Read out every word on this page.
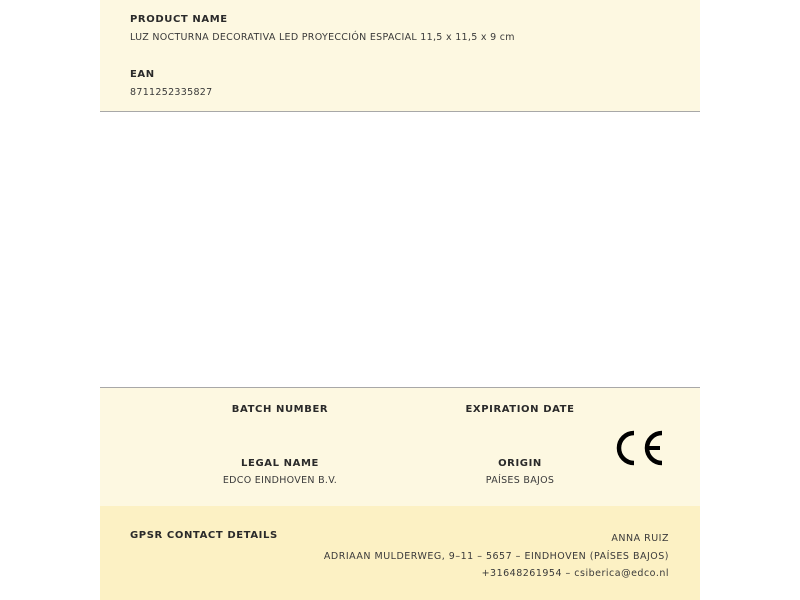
PRODUCT NAME
LUZ NOCTURNA DECORATIVA LED PROYECCIÓN ESPACIAL 11,5 x 11,5 x 9 cm
EAN
8711252335827
BATCH NUMBER	EXPIRATION DATE
LEGAL NAME
EDCO EINDHOVEN B.V.
ORIGIN
PAÍSES BAJOS
GPSR CONTACT DETAILS	ANNA RUIZ
ADRIAAN MULDERWEG, 9–11 – 5657 – EINDHOVEN (PAÍSES BAJOS)
+31648261954 – csiberica@edco.nl
